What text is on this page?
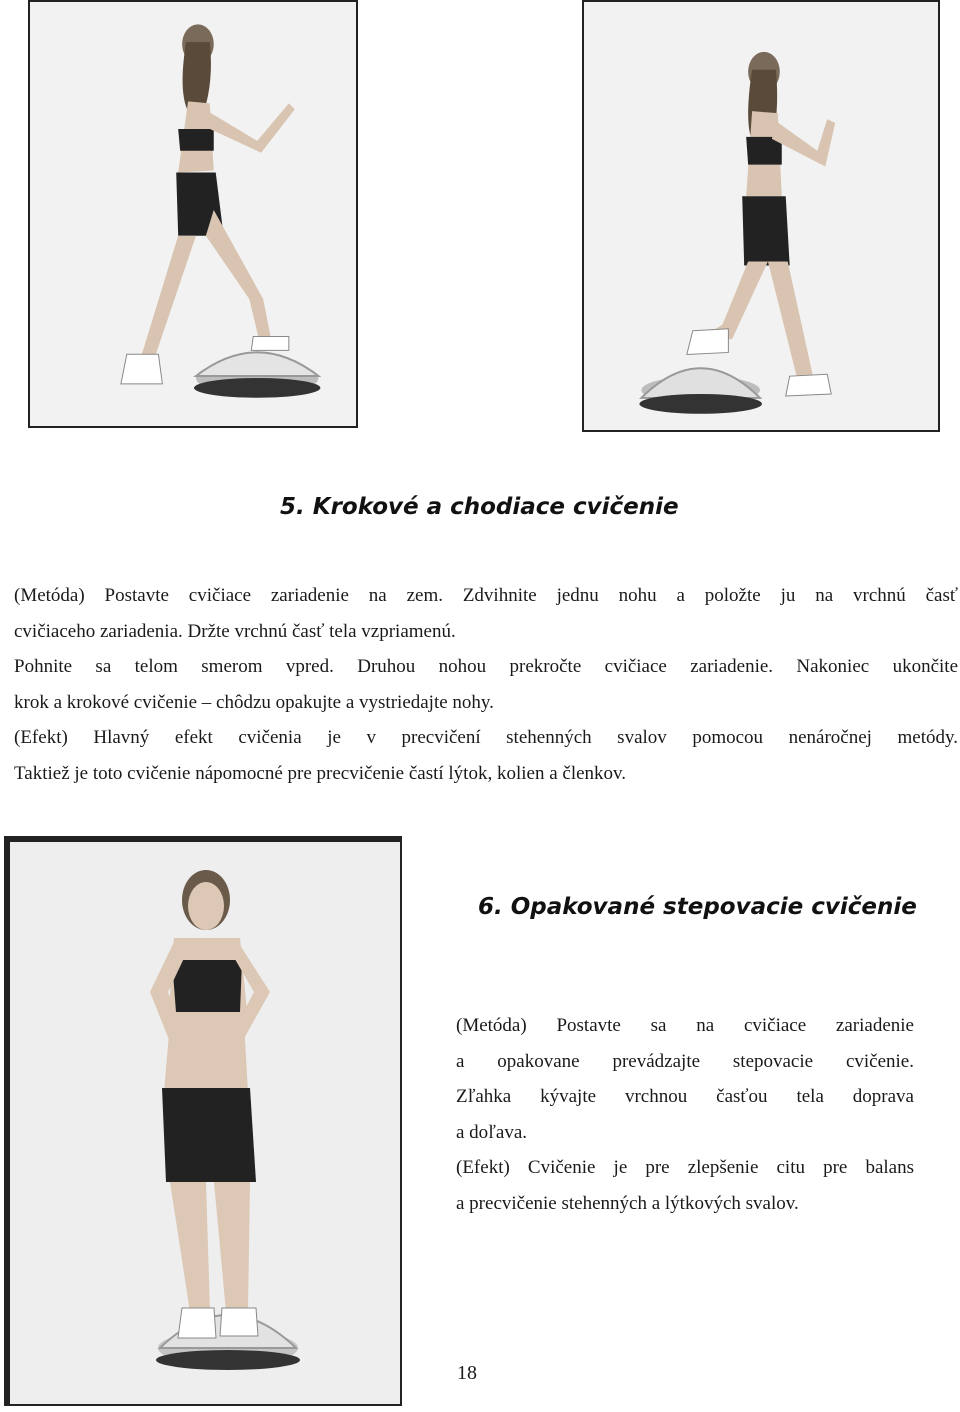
5. Krokové a chodiace cvičenie

(Metóda) Postavte cvičiace zariadenie na zem. Zdvihnite jednu nohu a položte ju na vrchnú časť

cvičiaceho zariadenia. Držte vrchnú časť tela vzpriamenú.

Pohnite sa telom smerom vpred. Druhou nohou prekročte cvičiace zariadenie. Nakoniec ukončite

krok a krokové cvičenie – chôdzu opakujte a vystriedajte nohy.

(Efekt) Hlavný efekt cvičenia je v precvičení stehenných svalov pomocou nenáročnej metódy.

Taktiež je toto cvičenie nápomocné pre precvičenie častí lýtok, kolien a členkov.

6. Opakované stepovacie cvičenie

(Metóda) Postavte sa na cvičiace zariadenie

a opakovane prevádzajte stepovacie cvičenie.

Zľahka kývajte vrchnou časťou tela doprava

a doľava.

(Efekt) Cvičenie je pre zlepšenie citu pre balans

a precvičenie stehenných a lýtkových svalov.

18
